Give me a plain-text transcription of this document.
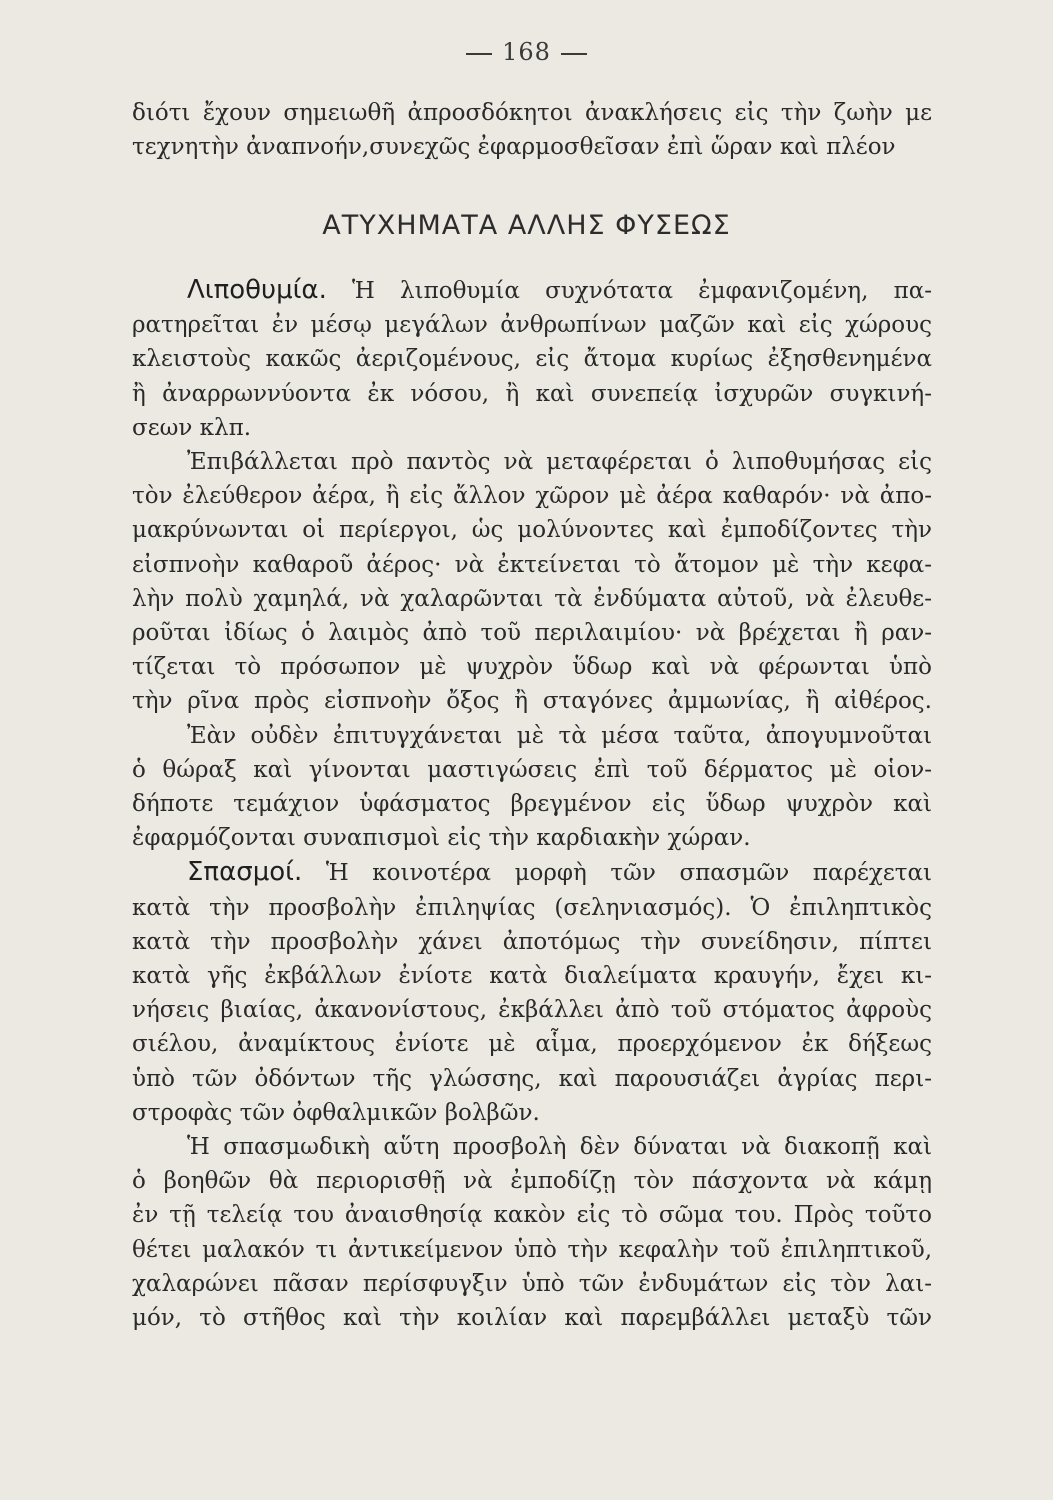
168
διότι ἔχουν σημειωθῆ ἀπροσδόκητοι ἀνακλήσεις εἰς τὴν ζωὴν με
τεχνητὴν ἀναπνοήν,συνεχῶς ἐφαρμοσθεῖσαν ἐπὶ ὥραν καὶ πλέον
ΑΤΥΧΗΜΑΤΑ ΑΛΛΗΣ ΦΥΣΕΩΣ
Λιποθυμία. Ἡ λιποθυμία συχνότατα ἐμφανιζομένη, πα-
ρατηρεῖται ἐν μέσῳ μεγάλων ἀνθρωπίνων μαζῶν καὶ εἰς χώρους
κλειστοὺς κακῶς ἀεριζομένους, εἰς ἄτομα κυρίως ἐξησθενημένα
ἢ ἀναρρωννύοντα ἐκ νόσου, ἢ καὶ συνεπείᾳ ἰσχυρῶν συγκινή-
σεων κλπ.
Ἐπιβάλλεται πρὸ παντὸς νὰ μεταφέρεται ὁ λιποθυμήσας εἰς
τὸν ἐλεύθερον ἀέρα, ἢ εἰς ἄλλον χῶρον μὲ ἀέρα καθαρόν· νὰ ἀπο-
μακρύνωνται οἱ περίεργοι, ὡς μολύνοντες καὶ ἐμποδίζοντες τὴν
εἰσπνοὴν καθαροῦ ἀέρος· νὰ ἐκτείνεται τὸ ἄτομον μὲ τὴν κεφα-
λὴν πολὺ χαμηλά, νὰ χαλαρῶνται τὰ ἐνδύματα αὐτοῦ, νὰ ἐλευθε-
ροῦται ἰδίως ὁ λαιμὸς ἀπὸ τοῦ περιλαιμίου· νὰ βρέχεται ἢ ραν-
τίζεται τὸ πρόσωπον μὲ ψυχρὸν ὕδωρ καὶ νὰ φέρωνται ὑπὸ
τὴν ρῖνα πρὸς εἰσπνοὴν ὄξος ἢ σταγόνες ἀμμωνίας, ἢ αἰθέρος.
Ἐὰν οὐδὲν ἐπιτυγχάνεται μὲ τὰ μέσα ταῦτα, ἀπογυμνοῦται
ὁ θώραξ καὶ γίνονται μαστιγώσεις ἐπὶ τοῦ δέρματος μὲ οἱον-
δήποτε τεμάχιον ὑφάσματος βρεγμένον εἰς ὕδωρ ψυχρὸν καὶ
ἐφαρμόζονται συναπισμοὶ εἰς τὴν καρδιακὴν χώραν.
Σπασμοί. Ἡ κοινοτέρα μορφὴ τῶν σπασμῶν παρέχεται
κατὰ τὴν προσβολὴν ἐπιληψίας (σεληνιασμός). Ὁ ἐπιληπτικὸς
κατὰ τὴν προσβολὴν χάνει ἀποτόμως τὴν συνείδησιν, πίπτει
κατὰ γῆς ἐκβάλλων ἐνίοτε κατὰ διαλείματα κραυγήν, ἔχει κι-
νήσεις βιαίας, ἀκανονίστους, ἐκβάλλει ἀπὸ τοῦ στόματος ἀφροὺς
σιέλου, ἀναμίκτους ἐνίοτε μὲ αἷμα, προερχόμενον ἐκ δήξεως
ὑπὸ τῶν ὀδόντων τῆς γλώσσης, καὶ παρουσιάζει ἀγρίας περι-
στροφὰς τῶν ὀφθαλμικῶν βολβῶν.
Ἡ σπασμωδικὴ αὕτη προσβολὴ δὲν δύναται νὰ διακοπῇ καὶ
ὁ βοηθῶν θὰ περιορισθῇ νὰ ἐμποδίζῃ τὸν πάσχοντα νὰ κάμῃ
ἐν τῇ τελείᾳ του ἀναισθησίᾳ κακὸν εἰς τὸ σῶμα του. Πρὸς τοῦτο
θέτει μαλακόν τι ἀντικείμενον ὑπὸ τὴν κεφαλὴν τοῦ ἐπιληπτικοῦ,
χαλαρώνει πᾶσαν περίσφυγξιν ὑπὸ τῶν ἐνδυμάτων εἰς τὸν λαι-
μόν, τὸ στῆθος καὶ τὴν κοιλίαν καὶ παρεμβάλλει μεταξὺ τῶν
